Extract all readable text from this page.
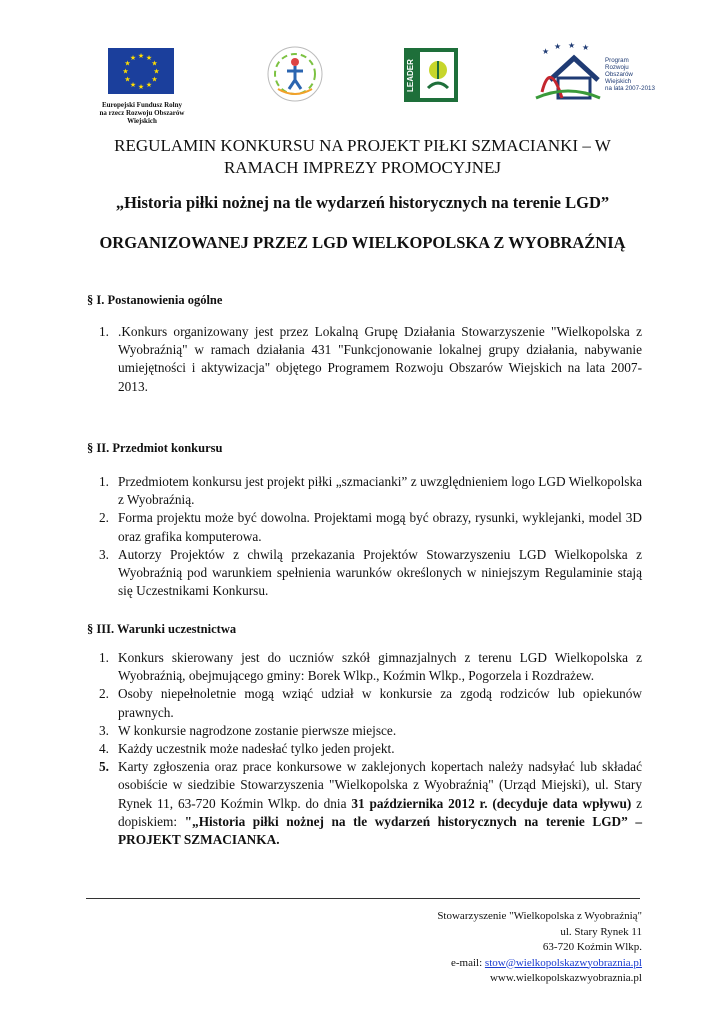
★ ★
★
★
★
★
★
★
★
★
★
★
Europejski Fundusz Rolny
na rzecz Rozwoju Obszarów Wiejskich
LEADER
★
★ ★ ★
Program
Rozwoju
Obszarów
Wiejskich
na lata 2007-2013
REGULAMIN KONKURSU NA PROJEKT PIŁKI SZMACIANKI – W
RAMACH IMPREZY PROMOCYJNEJ
„Historia piłki nożnej na tle wydarzeń historycznych na terenie LGD”
ORGANIZOWANEJ PRZEZ LGD WIELKOPOLSKA Z WYOBRAŹNIĄ
§ I. Postanowienia ogólne
1. .Konkurs organizowany jest przez Lokalną Grupę Działania Stowarzyszenie "Wielkopolska z Wyobraźnią" w ramach działania 431 "Funkcjonowanie lokalnej grupy działania, nabywanie umiejętności i aktywizacja" objętego Programem Rozwoju Obszarów Wiejskich na lata 2007-2013.
§ II. Przedmiot konkursu
1. Przedmiotem konkursu jest projekt piłki „szmacianki” z uwzględnieniem logo LGD Wielkopolska z Wyobraźnią.
2. Forma projektu może być dowolna. Projektami mogą być obrazy, rysunki, wyklejanki, model 3D oraz grafika komputerowa.
3. Autorzy Projektów z chwilą przekazania Projektów Stowarzyszeniu LGD Wielkopolska z Wyobraźnią pod warunkiem spełnienia warunków określonych w niniejszym Regulaminie stają się Uczestnikami Konkursu.
§ III. Warunki uczestnictwa
1. Konkurs skierowany jest do uczniów szkół gimnazjalnych z terenu LGD Wielkopolska z Wyobraźnią, obejmującego gminy: Borek Wlkp., Koźmin Wlkp., Pogorzela i Rozdrażew.
2. Osoby niepełnoletnie mogą wziąć udział w konkursie za zgodą rodziców lub opiekunów prawnych.
3. W konkursie nagrodzone zostanie pierwsze miejsce.
4. Każdy uczestnik może nadesłać tylko jeden projekt.
5. Karty zgłoszenia oraz prace konkursowe w zaklejonych kopertach należy nadsyłać lub składać osobiście w siedzibie Stowarzyszenia "Wielkopolska z Wyobraźnią" (Urząd Miejski), ul. Stary Rynek 11, 63-720 Koźmin Wlkp. do dnia 31 października 2012 r. (decyduje data wpływu) z dopiskiem: "„Historia piłki nożnej na tle wydarzeń historycznych na terenie LGD” – PROJEKT SZMACIANKA.
Stowarzyszenie "Wielkopolska z Wyobraźnią"
ul. Stary Rynek 11
63-720 Koźmin Wlkp.
e-mail: stow@wielkopolskazwyobraznia.pl
www.wielkopolskazwyobraznia.pl
